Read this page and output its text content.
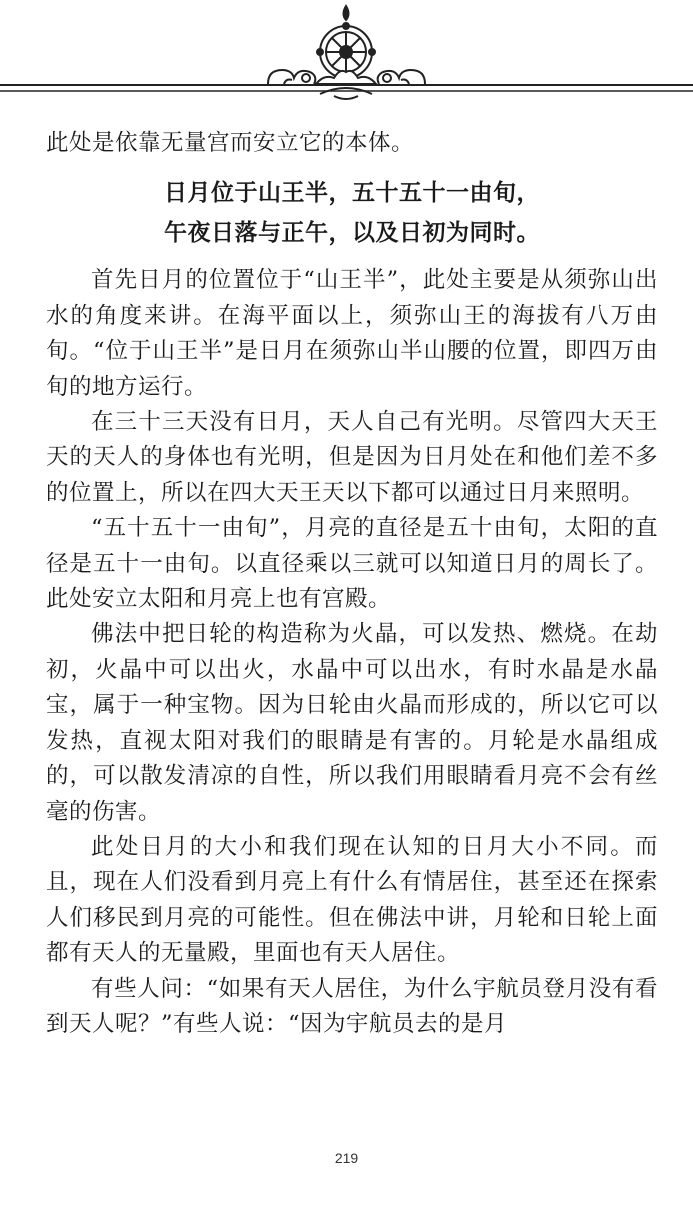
此处是依靠无量宫而安立它的本体。

日月位于山王半，五十五十一由旬，

午夜日落与正午，以及日初为同时。

首先日月的位置位于“山王半”，此处主要是从须弥山出水的角度来讲。在海平面以上，须弥山王的海拔有八万由旬。“位于山王半”是日月在须弥山半山腰的位置，即四万由旬的地方运行。

在三十三天没有日月，天人自己有光明。尽管四大天王天的天人的身体也有光明，但是因为日月处在和他们差不多的位置上，所以在四大天王天以下都可以通过日月来照明。

“五十五十一由旬”，月亮的直径是五十由旬，太阳的直径是五十一由旬。以直径乘以三就可以知道日月的周长了。此处安立太阳和月亮上也有宫殿。

佛法中把日轮的构造称为火晶，可以发热、燃烧。在劫初，火晶中可以出火，水晶中可以出水，有时水晶是水晶宝，属于一种宝物。因为日轮由火晶而形成的，所以它可以发热，直视太阳对我们的眼睛是有害的。月轮是水晶组成的，可以散发清凉的自性，所以我们用眼睛看月亮不会有丝毫的伤害。

此处日月的大小和我们现在认知的日月大小不同。而且，现在人们没看到月亮上有什么有情居住，甚至还在探索人们移民到月亮的可能性。但在佛法中讲，月轮和日轮上面都有天人的无量殿，里面也有天人居住。

有些人问：“如果有天人居住，为什么宇航员登月没有看到天人呢？”有些人说：“因为宇航员去的是月

219
